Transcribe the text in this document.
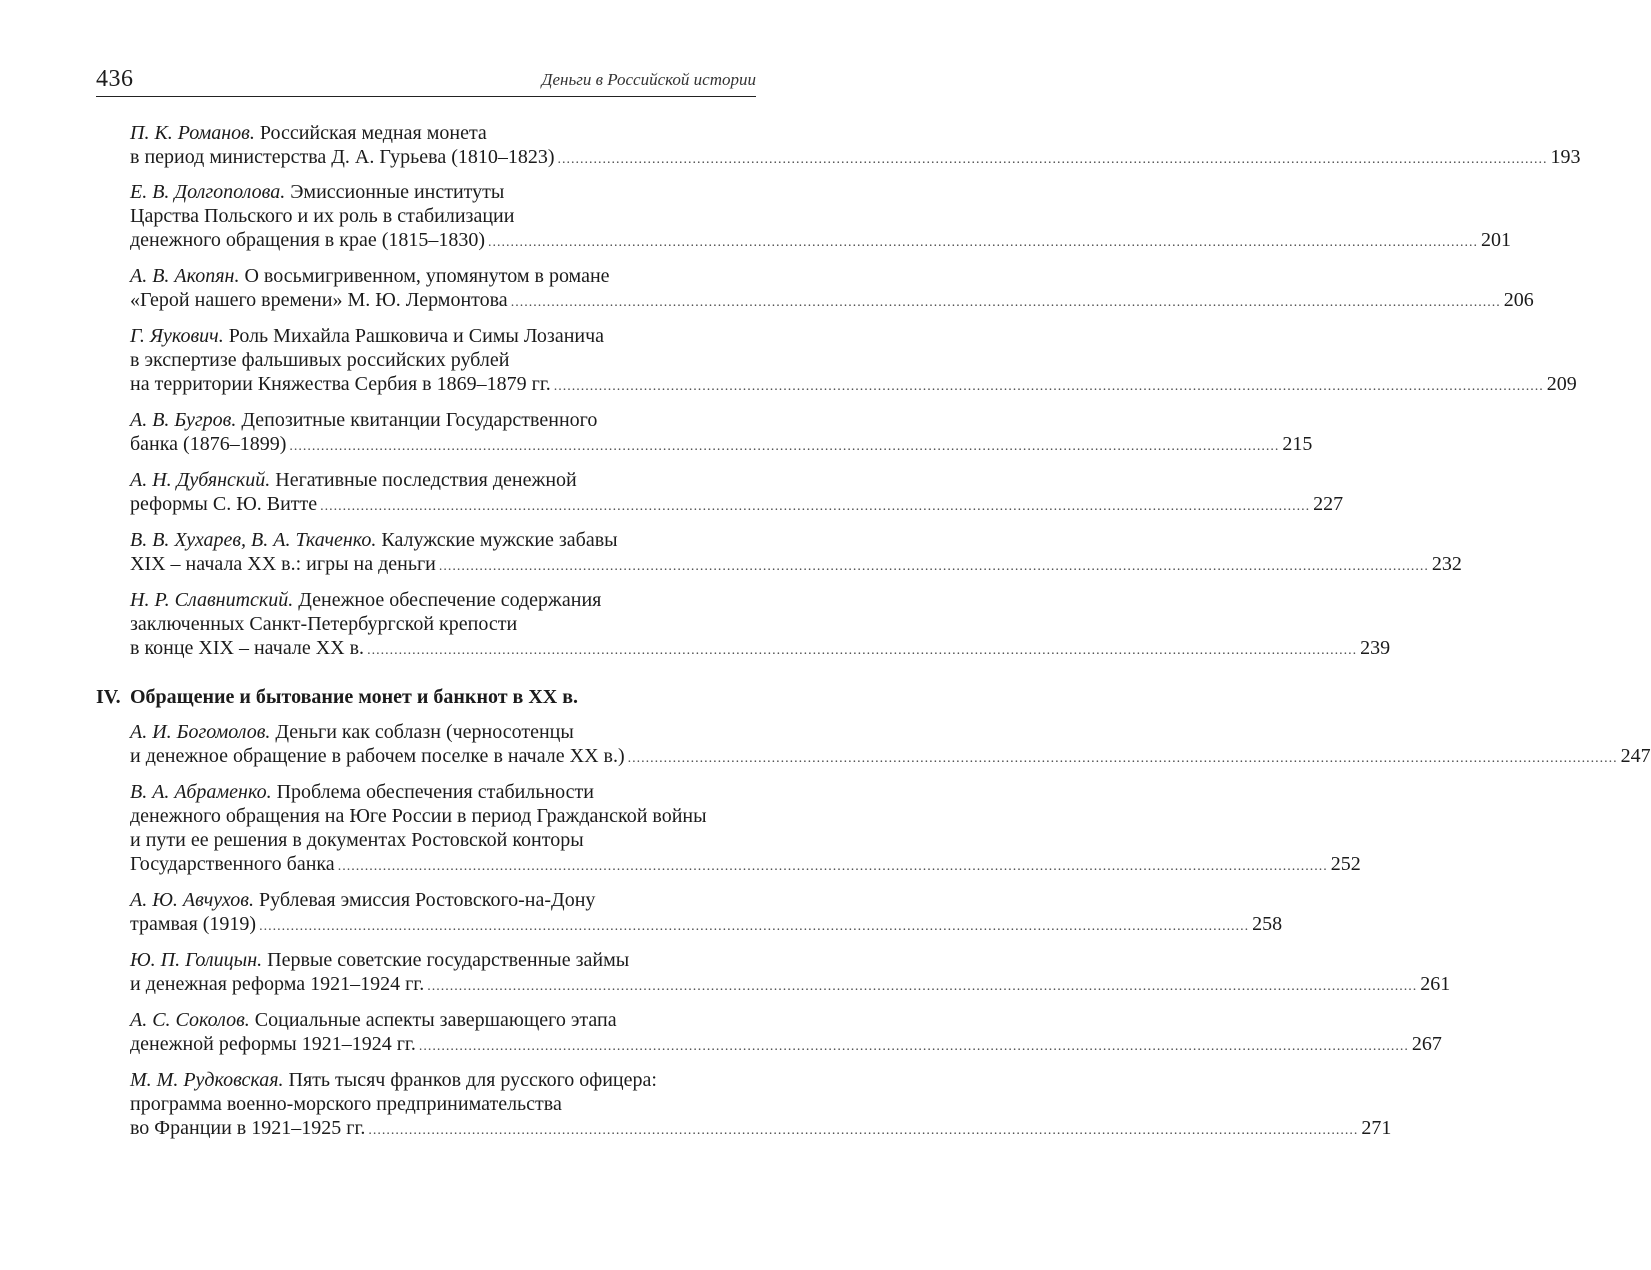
436	Деньги в Российской истории
П. К. Романов. Российская медная монета
в период министерства Д. А. Гурьева (1810–1823) ............................................................................................................................................................................................................................ 193
Е. В. Долгополова. Эмиссионные институты
Царства Польского и их роль в стабилизации
денежного обращения в крае (1815–1830) ............................................................................................................................................................................................................................ 201
А. В. Акопян. О восьмигривенном, упомянутом в романе
«Герой нашего времени» М. Ю. Лермонтова ............................................................................................................................................................................................................................ 206
Г. Яукович. Роль Михайла Рашковича и Симы Лозанича
в экспертизе фальшивых российских рублей
на территории Княжества Сербия в 1869–1879 гг. ............................................................................................................................................................................................................................ 209
А. В. Бугров. Депозитные квитанции Государственного
банка (1876–1899) ............................................................................................................................................................................................................................ 215
А. Н. Дубянский. Негативные последствия денежной
реформы С. Ю. Витте ............................................................................................................................................................................................................................ 227
В. В. Хухарев, В. А. Ткаченко. Калужские мужские забавы
XIX – начала XX в.: игры на деньги ............................................................................................................................................................................................................................ 232
Н. Р. Славнитский. Денежное обеспечение содержания
заключенных Санкт-Петербургской крепости
в конце XIX – начале XX в. ............................................................................................................................................................................................................................ 239
А. И. Богомолов. Деньги как соблазн (черносотенцы
и денежное обращение в рабочем поселке в начале XX в.) ............................................................................................................................................................................................................................ 247
В. А. Абраменко. Проблема обеспечения стабильности
денежного обращения на Юге России в период Гражданской войны
и пути ее решения в документах Ростовской конторы
Государственного банка ............................................................................................................................................................................................................................ 252
А. Ю. Авчухов. Рублевая эмиссия Ростовского-на-Дону
трамвая (1919) ............................................................................................................................................................................................................................ 258
Ю. П. Голицын. Первые советские государственные займы
и денежная реформа 1921–1924 гг. ............................................................................................................................................................................................................................ 261
А. С. Соколов. Социальные аспекты завершающего этапа
денежной реформы 1921–1924 гг. ............................................................................................................................................................................................................................ 267
М. М. Рудковская. Пять тысяч франков для русского офицера:
программа военно-морского предпринимательства
во Франции в 1921–1925 гг. ............................................................................................................................................................................................................................ 271
IV. Обращение и бытование монет и банкнот в XX в.
